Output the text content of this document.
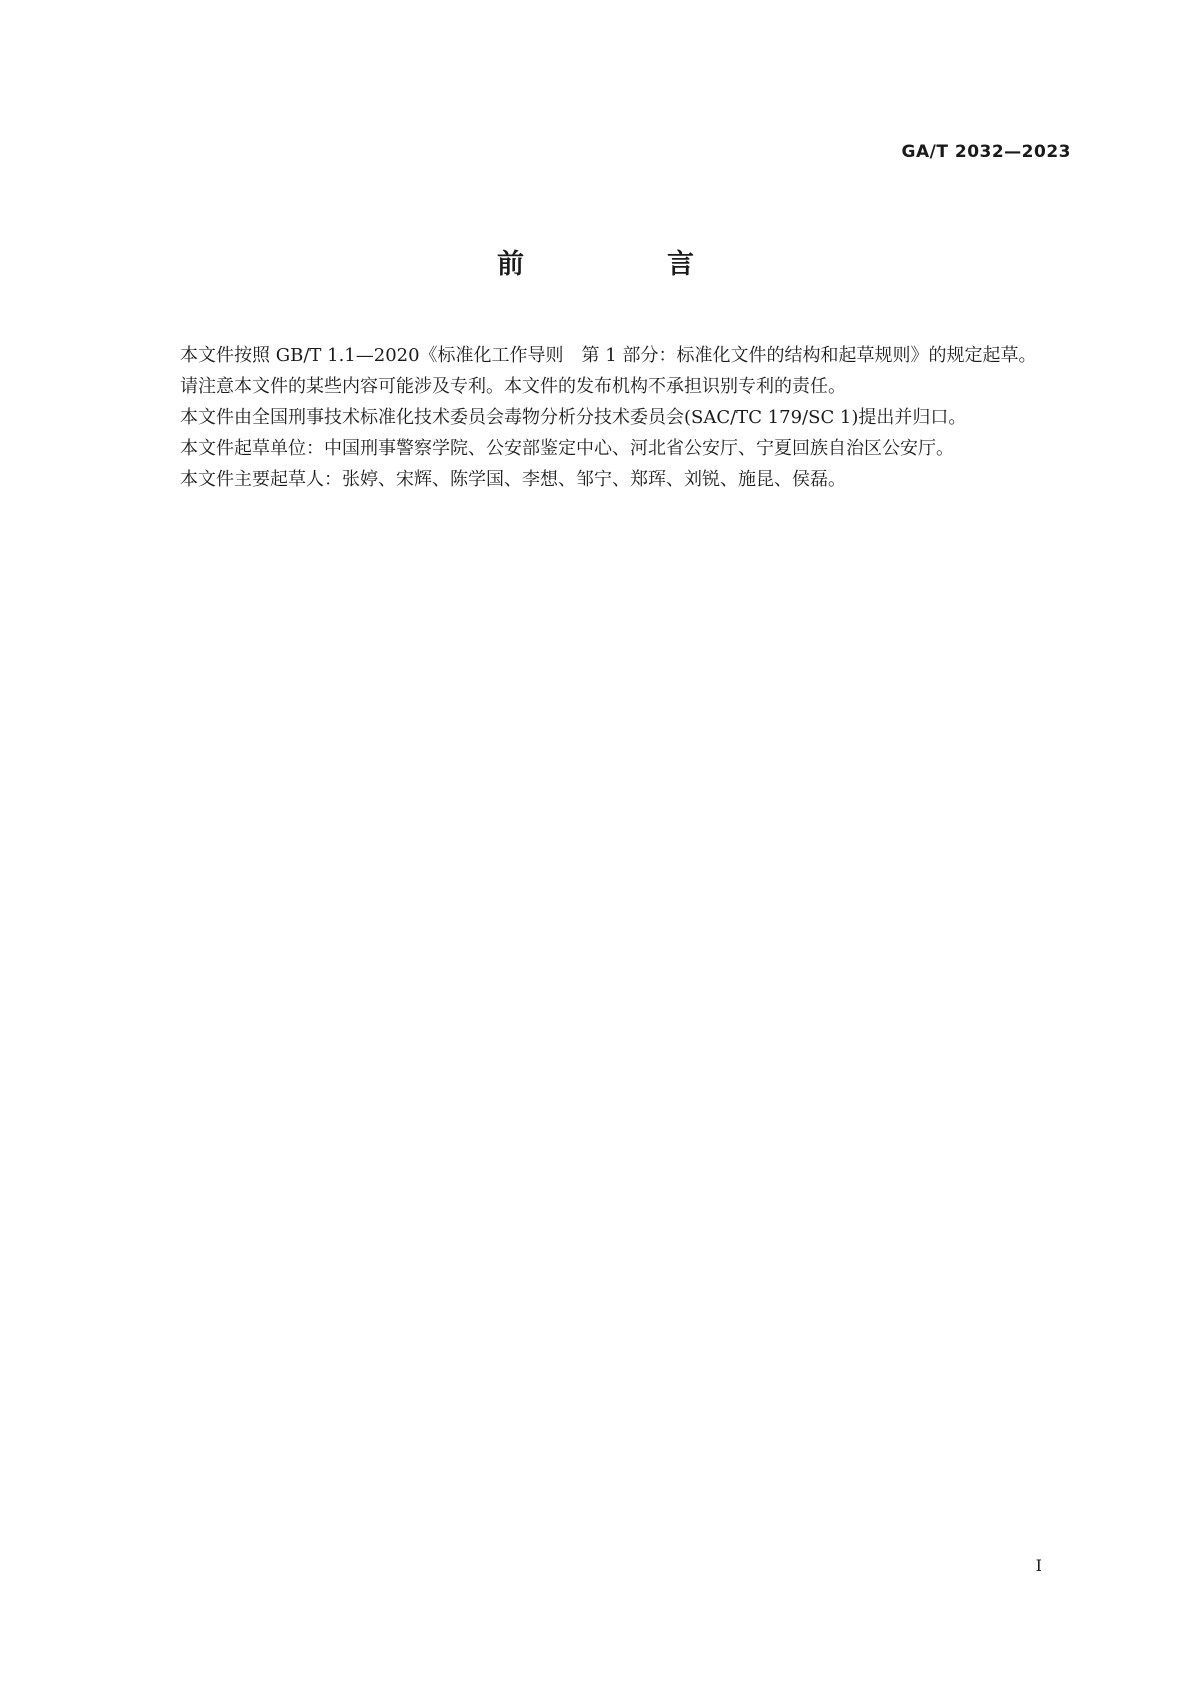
GA/T 2032—2023
前　言

本文件按照 GB/T 1.1—2020《标准化工作导则　第 1 部分：标准化文件的结构和起草规则》的规定起草。

请注意本文件的某些内容可能涉及专利。本文件的发布机构不承担识别专利的责任。

本文件由全国刑事技术标准化技术委员会毒物分析分技术委员会(SAC/TC 179/SC 1)提出并归口。

本文件起草单位：中国刑事警察学院、公安部鉴定中心、河北省公安厅、宁夏回族自治区公安厅。

本文件主要起草人：张婷、宋辉、陈学国、李想、邹宁、郑珲、刘锐、施昆、侯磊。

I
